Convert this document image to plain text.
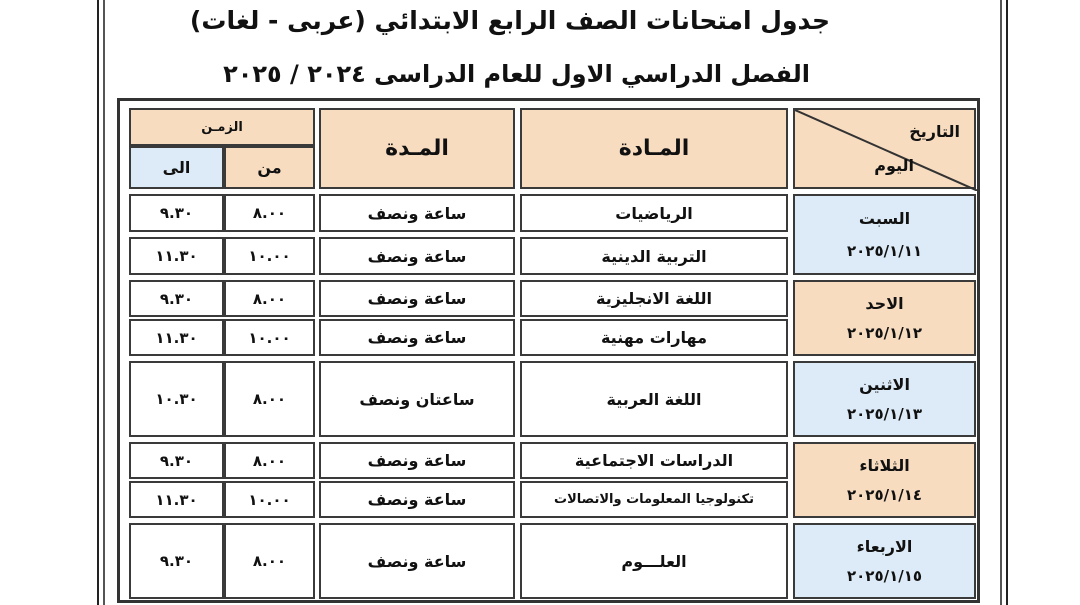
جدول امتحانات الصف الرابع الابتدائي (عربى - لغات)
الفصل الدراسي الاول للعام الدراسى ٢٠٢٤ / ٢٠٢٥
التاريخ
اليوم
المـادة
المـدة
الزمـن
من
الى
السبت
٢٠٢٥/١/١١
الاحد
٢٠٢٥/١/١٢
الاثنين
٢٠٢٥/١/١٣
الثلاثاء
٢٠٢٥/١/١٤
الاربعاء
٢٠٢٥/١/١٥
الرياضيات
ساعة ونصف
٨.٠٠
٩.٣٠
التربية الدينية
ساعة ونصف
١٠.٠٠
١١.٣٠
اللغة الانجليزية
ساعة ونصف
٨.٠٠
٩.٣٠
مهارات مهنية
ساعة ونصف
١٠.٠٠
١١.٣٠
اللغة العربية
ساعتان ونصف
٨.٠٠
١٠.٣٠
الدراسات الاجتماعية
ساعة ونصف
٨.٠٠
٩.٣٠
تكنولوجيا المعلومات والاتصالات
ساعة ونصف
١٠.٠٠
١١.٣٠
العلـــوم
ساعة ونصف
٨.٠٠
٩.٣٠
